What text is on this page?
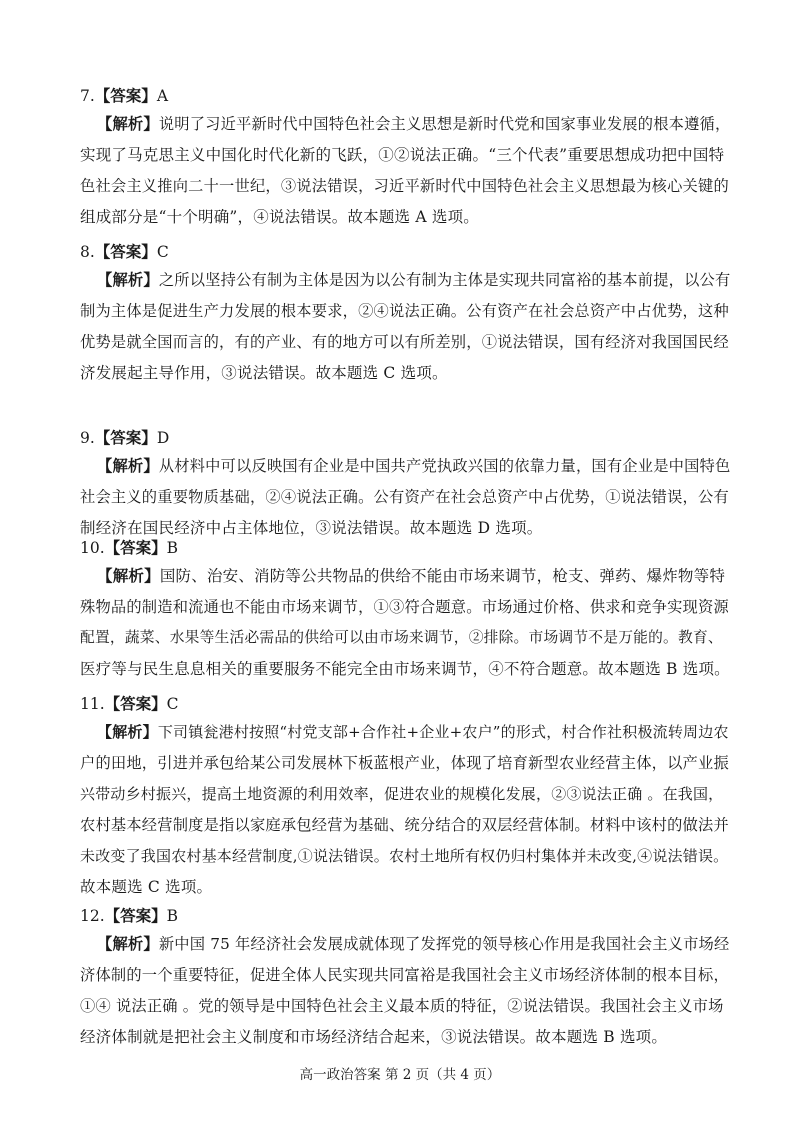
7.【答案】A
【解析】说明了习近平新时代中国特色社会主义思想是新时代党和国家事业发展的根本遵循，
实现了马克思主义中国化时代化新的飞跃，①②说法正确。“三个代表”重要思想成功把中国特
色社会主义推向二十一世纪，③说法错误，习近平新时代中国特色社会主义思想最为核心关键的
组成部分是“十个明确”，④说法错误。故本题选 A 选项。
8.【答案】C
【解析】之所以坚持公有制为主体是因为以公有制为主体是实现共同富裕的基本前提，以公有
制为主体是促进生产力发展的根本要求，②④说法正确。公有资产在社会总资产中占优势，这种
优势是就全国而言的，有的产业、有的地方可以有所差别，①说法错误，国有经济对我国国民经
济发展起主导作用，③说法错误。故本题选 C 选项。
9.【答案】D
【解析】从材料中可以反映国有企业是中国共产党执政兴国的依靠力量，国有企业是中国特色
社会主义的重要物质基础，②④说法正确。公有资产在社会总资产中占优势，①说法错误，公有
制经济在国民经济中占主体地位，③说法错误。故本题选 D 选项。
10.【答案】B
【解析】国防、治安、消防等公共物品的供给不能由市场来调节，枪支、弹药、爆炸物等特
殊物品的制造和流通也不能由市场来调节，①③符合题意。市场通过价格、供求和竞争实现资源
配置，蔬菜、水果等生活必需品的供给可以由市场来调节，②排除。市场调节不是万能的。教育、
医疗等与民生息息相关的重要服务不能完全由市场来调节，④不符合题意。故本题选 B 选项。
11.【答案】C
【解析】下司镇瓮港村按照“村党支部+合作社+企业+农户”的形式，村合作社积极流转周边农
户的田地，引进并承包给某公司发展林下板蓝根产业，体现了培育新型农业经营主体，以产业振
兴带动乡村振兴，提高土地资源的利用效率，促进农业的规模化发展，②③说法正确 。在我国，
农村基本经营制度是指以家庭承包经营为基础、统分结合的双层经营体制。材料中该村的做法并
未改变了我国农村基本经营制度,①说法错误。农村土地所有权仍归村集体并未改变,④说法错误。
故本题选 C 选项。
12.【答案】B
【解析】新中国 75 年经济社会发展成就体现了发挥党的领导核心作用是我国社会主义市场经
济体制的一个重要特征，促进全体人民实现共同富裕是我国社会主义市场经济体制的根本目标，
①④ 说法正确 。党的领导是中国特色社会主义最本质的特征，②说法错误。我国社会主义市场
经济体制就是把社会主义制度和市场经济结合起来，③说法错误。故本题选 B 选项。
高一政治答案 第 2 页（共 4 页）
